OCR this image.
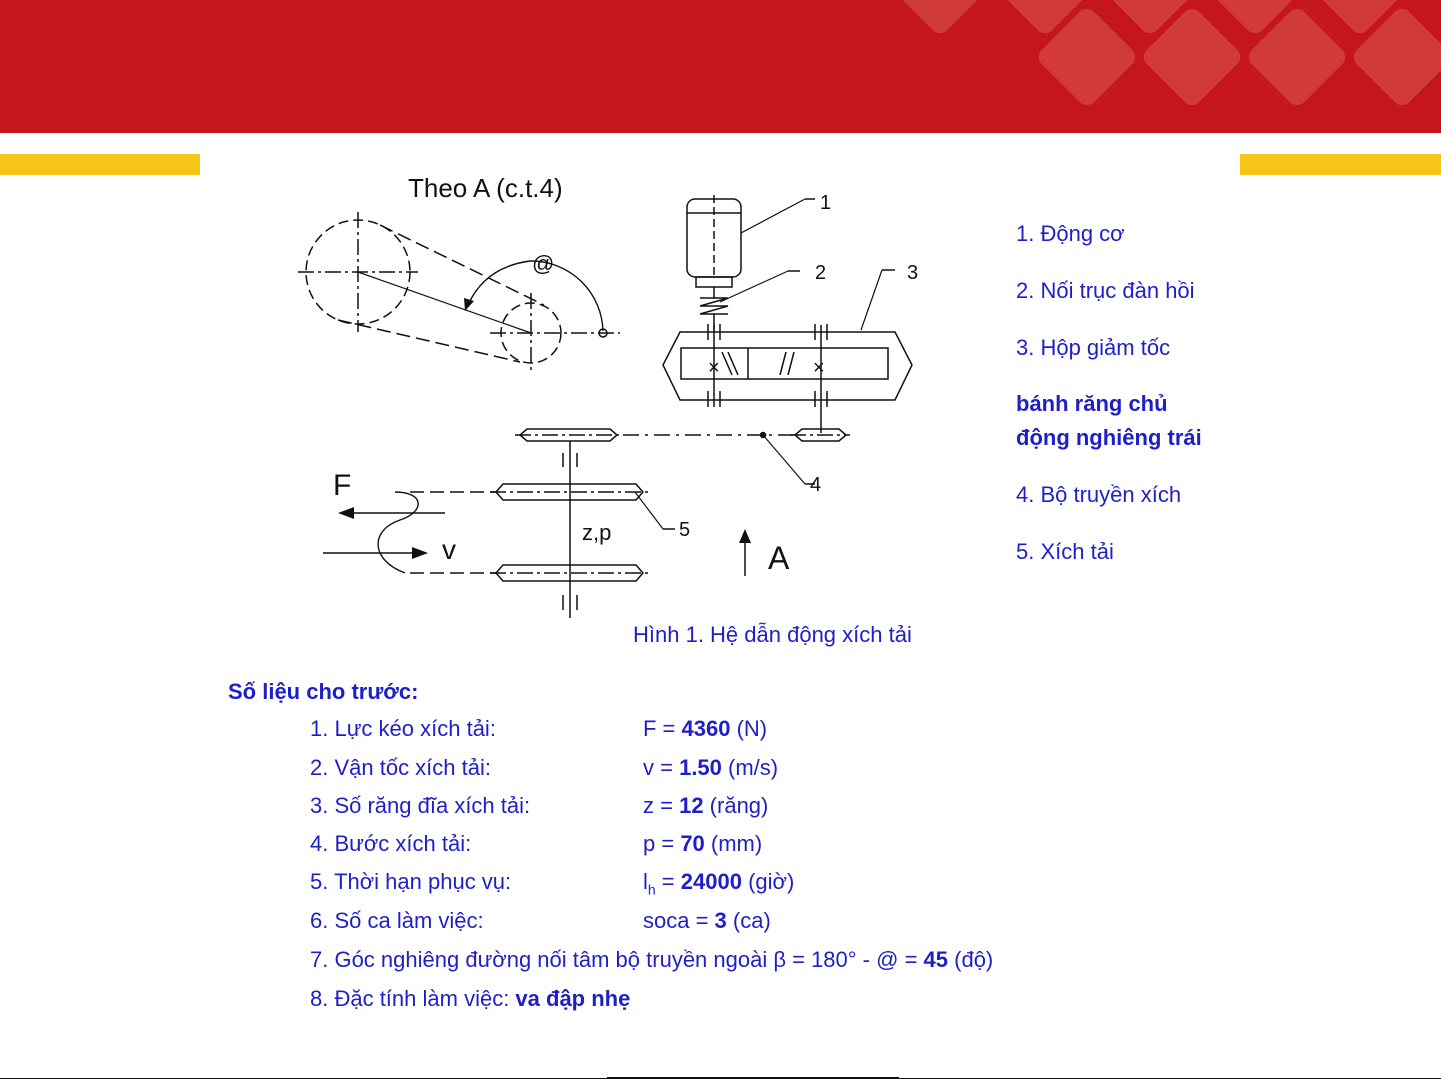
Theo A (c.t.4)
@
×	×
1
2	3
4
5
F
v
z,p
A
1. Động cơ
2. Nối trục đàn hồi
3. Hộp giảm tốc
bánh răng chủ
động nghiêng trái
4. Bộ truyền xích
5. Xích tải
Hình 1. Hệ dẫn động xích tải
Số liệu cho trước:
1. Lực kéo xích tải:	F = 4360 (N)
2. Vận tốc xích tải:	v = 1.50 (m/s)
3. Số răng đĩa xích tải:	z = 12 (răng)
4. Bước xích tải:	p = 70 (mm)
5. Thời hạn phục vụ:	$l_h = 24000$ (giờ)
6. Số ca làm việc:	soca = 3 (ca)
7. Góc nghiêng đường nối tâm bộ truyền ngoài β = 180° - @ = 45 (độ)
8. Đặc tính làm việc: va đập nhẹ
